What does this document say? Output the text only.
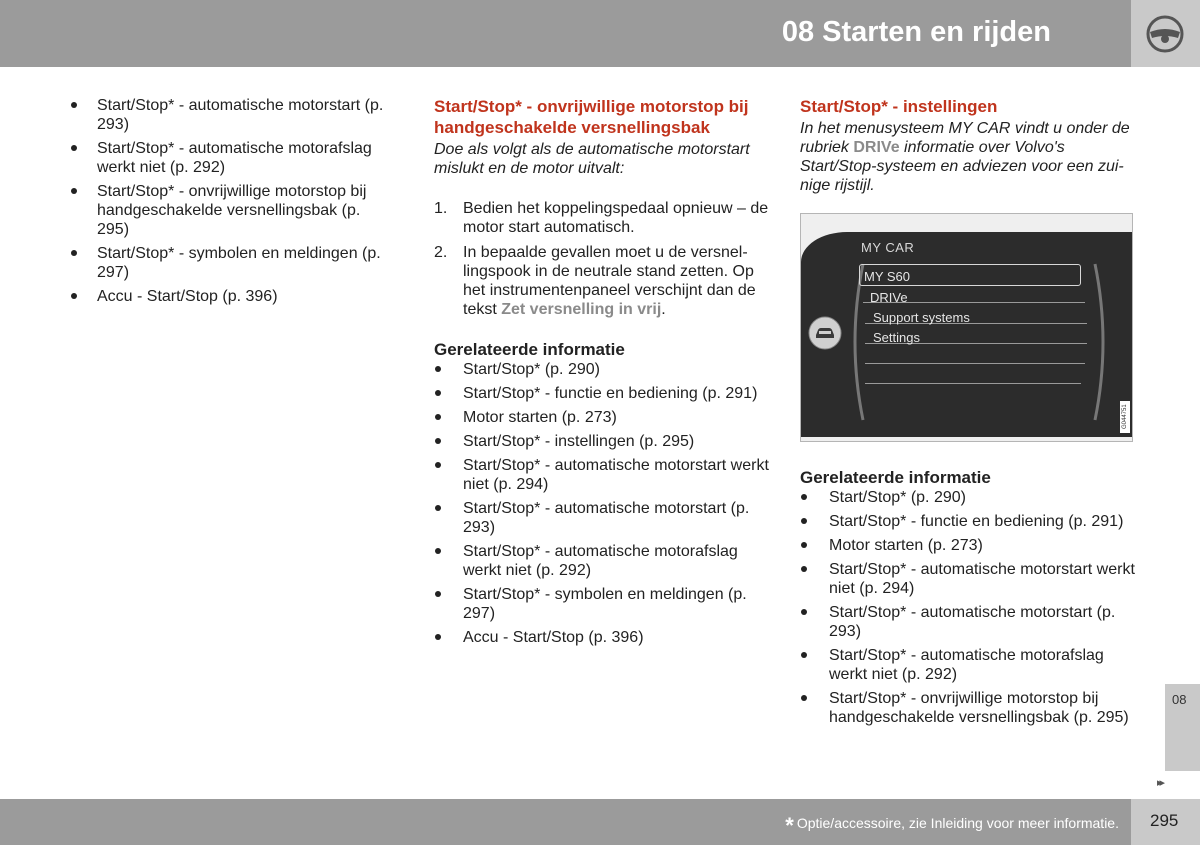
08 Starten en rijden
Start/Stop* - automatische motorstart (p. 293)
Start/Stop* - automatische motorafslag werkt niet (p. 292)
Start/Stop* - onvrijwillige motorstop bij handgeschakelde versnellingsbak (p. 295)
Start/Stop* - symbolen en meldingen (p. 297)
Accu - Start/Stop (p. 396)
Start/Stop* - onvrijwillige motorstop bij handgeschakelde versnellingsbak

Doe als volgt als de automatische motorstart mislukt en de motor uitvalt:

1. Bedien het koppelingspedaal opnieuw – de motor start automatisch.
2. In bepaalde gevallen moet u de versnellingspook in de neutrale stand zetten. Op het instrumentenpaneel verschijnt dan de tekst Zet versnelling in vrij.
Gerelateerde informatie
Start/Stop* (p. 290)
Start/Stop* - functie en bediening (p. 291)
Motor starten (p. 273)
Start/Stop* - instellingen (p. 295)
Start/Stop* - automatische motorstart werkt niet (p. 294)
Start/Stop* - automatische motorstart (p. 293)
Start/Stop* - automatische motorafslag werkt niet (p. 292)
Start/Stop* - symbolen en meldingen (p. 297)
Accu - Start/Stop (p. 396)
Start/Stop* - instellingen

In het menusysteem MY CAR vindt u onder de rubriek DRIVe informatie over Volvo's Start/Stop-systeem en adviezen voor een zuinige rijstijl.

MY CAR
MY S60
DRIVe
Support systems
Settings
G044751
Gerelateerde informatie
Start/Stop* (p. 290)
Start/Stop* - functie en bediening (p. 291)
Motor starten (p. 273)
Start/Stop* - automatische motorstart werkt niet (p. 294)
Start/Stop* - automatische motorstart (p. 293)
Start/Stop* - automatische motorafslag werkt niet (p. 292)
Start/Stop* - onvrijwillige motorstop bij handgeschakelde versnellingsbak (p. 295)
08
▸▸
* Optie/accessoire, zie Inleiding voor meer informatie. 295
